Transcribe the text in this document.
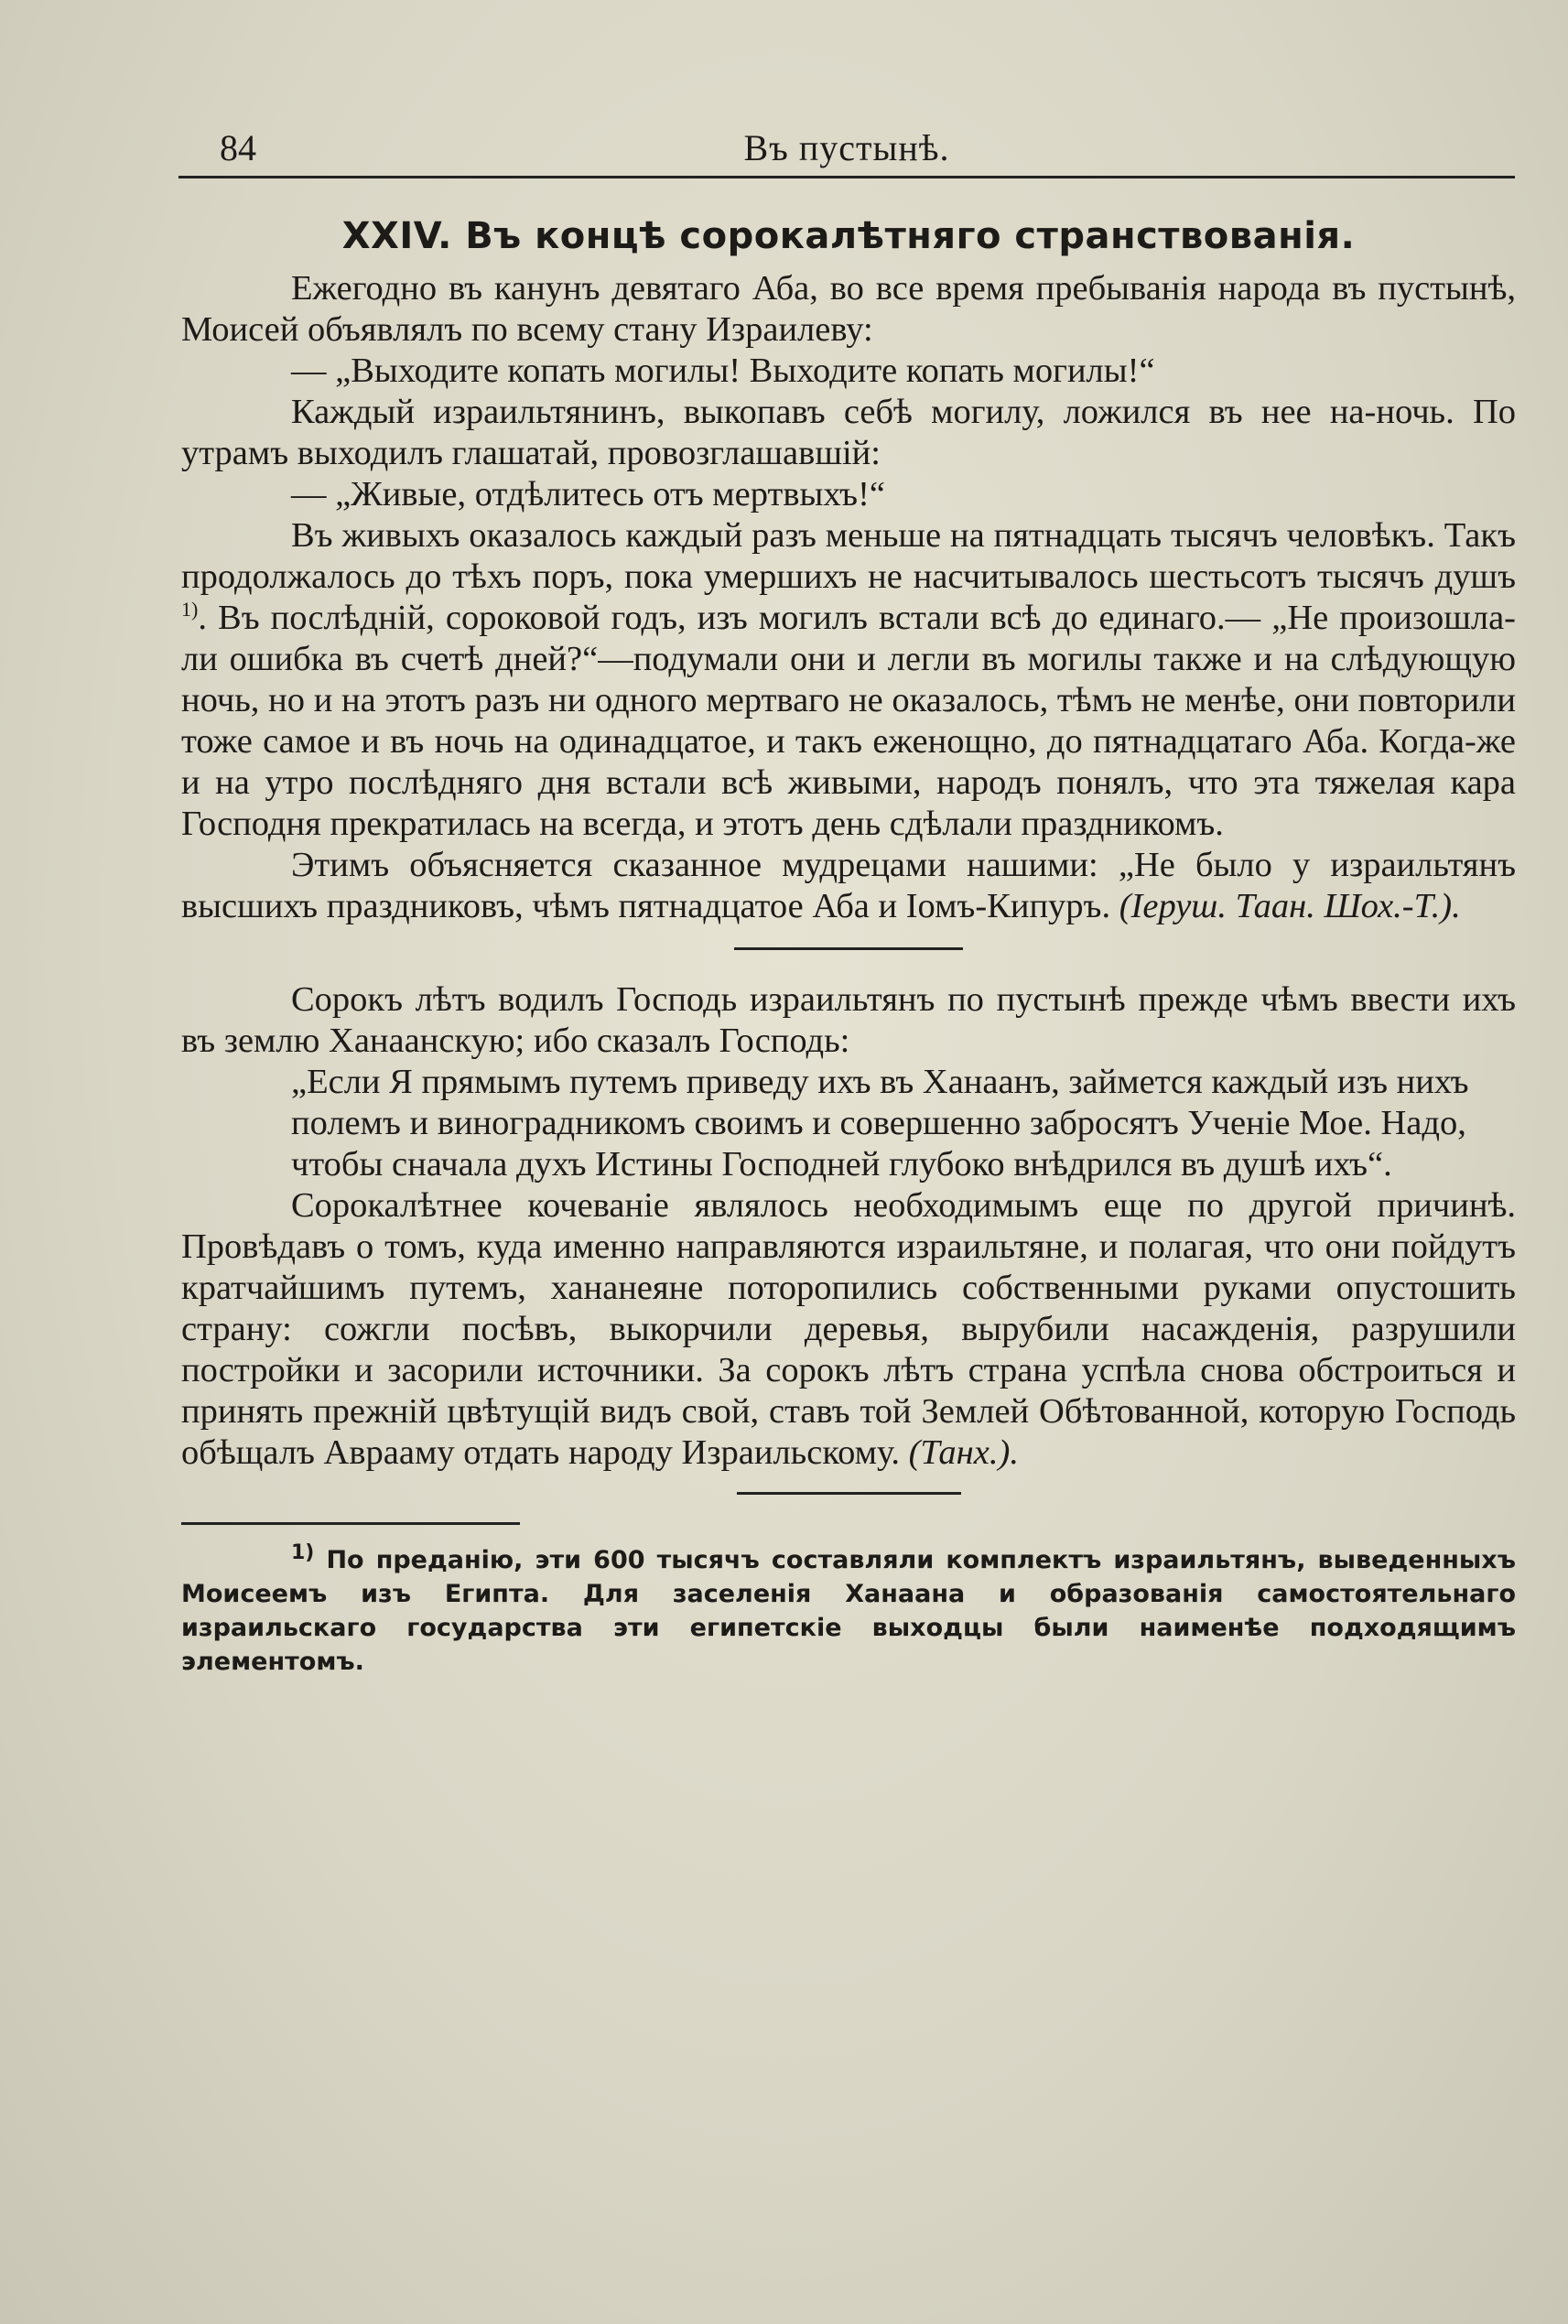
84	Въ пустынѣ.
XXIV. Въ концѣ сорокалѣтняго странствованія.

Ежегодно въ канунъ девятаго Аба, во все время пребыванія народа въ пустынѣ, Моисей объявлялъ по всему стану Израилеву:

— „Выходите копать могилы! Выходите копать могилы!“

Каждый израильтянинъ, выкопавъ себѣ могилу, ложился въ нее на-ночь. По утрамъ выходилъ глашатай, провозглашавшій:

— „Живые, отдѣлитесь отъ мертвыхъ!“

Въ живыхъ оказалось каждый разъ меньше на пятнадцать тысячъ человѣкъ. Такъ продолжалось до тѣхъ поръ, пока умершихъ не насчитывалось шестьсотъ тысячъ душъ $^{1)}$. Въ послѣдній, сороковой годъ, изъ могилъ встали всѣ до единаго.— „Не произошла-ли ошибка въ счетѣ дней?“—подумали они и легли въ могилы также и на слѣдующую ночь, но и на этотъ разъ ни одного мертваго не оказалось, тѣмъ не менѣе, они повторили тоже самое и въ ночь на одинадцатое, и такъ еженощно, до пятнадцатаго Аба. Когда-же и на утро послѣдняго дня встали всѣ живыми, народъ понялъ, что эта тяжелая кара Господня прекратилась на всегда, и этотъ день сдѣлали праздникомъ.

Этимъ объясняется сказанное мудрецами нашими: „Не было у израильтянъ высшихъ праздниковъ, чѣмъ пятнадцатое Аба и Іомъ-Кипуръ. (Іеруш. Таан. Шох.-Т.).

Сорокъ лѣтъ водилъ Господь израильтянъ по пустынѣ прежде чѣмъ ввести ихъ въ землю Ханаанскую; ибо сказалъ Господь:

„Если Я прямымъ путемъ приведу ихъ въ Ханаанъ, займется каждый изъ нихъ полемъ и виноградникомъ своимъ и совершенно забросятъ Ученіе Мое. Надо, чтобы сначала духъ Истины Господней глубоко внѣдрился въ душѣ ихъ“.

Сорокалѣтнее кочеваніе являлось необходимымъ еще по другой причинѣ. Провѣдавъ о томъ, куда именно направляются израильтяне, и полагая, что они пойдутъ кратчайшимъ путемъ, хананеяне поторопились собственными руками опустошить страну: сожгли посѣвъ, выкорчили деревья, вырубили насажденія, разрушили постройки и засорили источники. За сорокъ лѣтъ страна успѣла снова обстроиться и принять прежній цвѣтущій видъ свой, ставъ той Землей Обѣтованной, которую Господь обѣщалъ Аврааму отдать народу Израильскому. (Танх.).

$^{1)}$ По преданію, эти 600 тысячъ составляли комплектъ израильтянъ, выведенныхъ Моисеемъ изъ Египта. Для заселенія Ханаана и образованія самостоятельнаго израильскаго государства эти египетскіе выходцы были наименѣе подходящимъ элементомъ.
